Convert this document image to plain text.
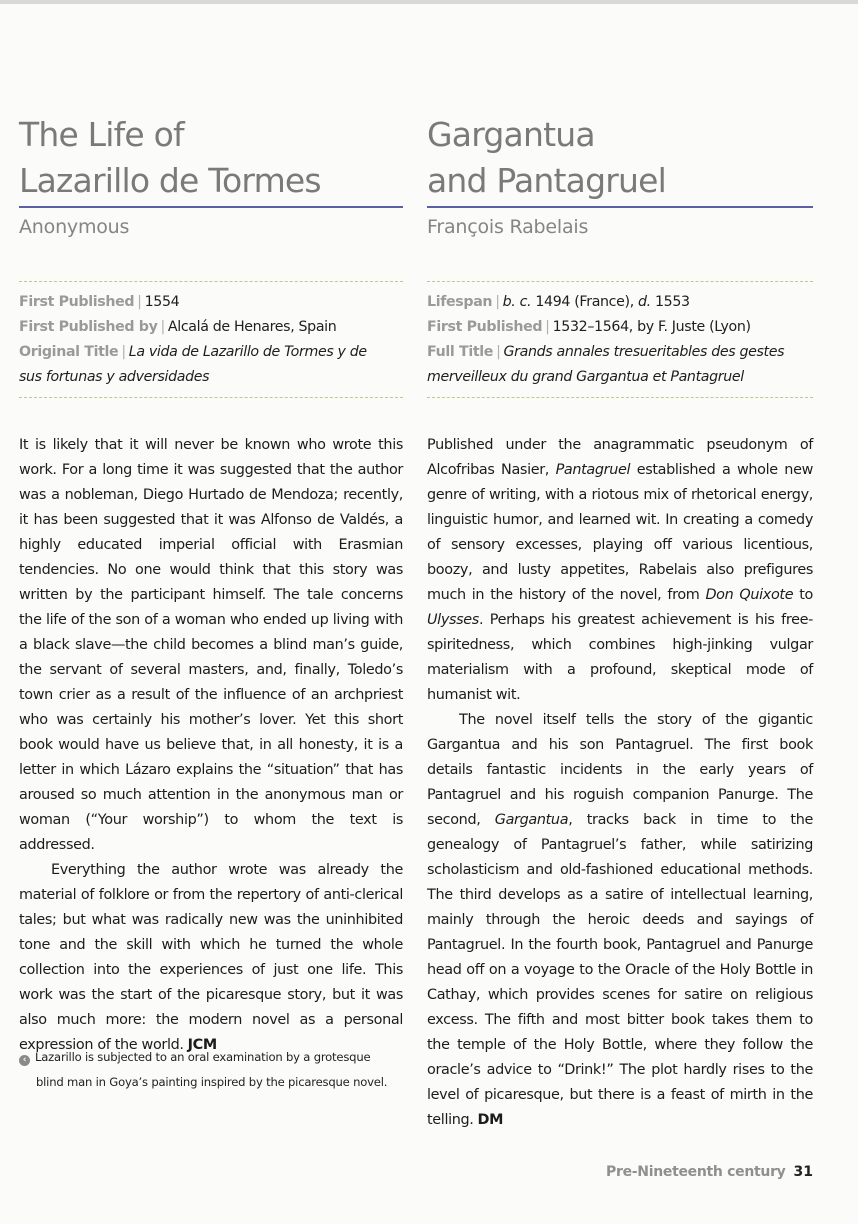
The Life of
Lazarillo de Tormes
Anonymous
First Published | 1554
First Published by | Alcalá de Henares, Spain
Original Title | La vida de Lazarillo de Tormes y de
sus fortunas y adversidades

It is likely that it will never be known who wrote this work. For a long time it was suggested that the author was a nobleman, Diego Hurtado de Mendoza; recently, it has been suggested that it was Alfonso de Valdés, a highly educated imperial official with Erasmian tendencies. No one would think that this story was written by the participant himself. The tale concerns the life of the son of a woman who ended up living with a black slave—the child becomes a blind man’s guide, the servant of several masters, and, finally, Toledo’s town crier as a result of the influence of an archpriest who was certainly his mother’s lover. Yet this short book would have us believe that, in all honesty, it is a letter in which Lázaro explains the “situation” that has aroused so much attention in the anonymous man or woman (“Your worship”) to whom the text is addressed.

Everything the author wrote was already the material of folklore or from the repertory of anti-clerical tales; but what was radically new was the uninhibited tone and the skill with which he turned the whole collection into the experiences of just one life. This work was the start of the picaresque story, but it was also much more: the modern novel as a personal expression of the world. JCM

‹ Lazarillo is subjected to an oral examination by a grotesque
blind man in Goya’s painting inspired by the picaresque novel.
Gargantua
and Pantagruel
François Rabelais
Lifespan | b. c. 1494 (France), d. 1553
First Published | 1532–1564, by F. Juste (Lyon)
Full Title | Grands annales tresueritables des gestes
merveilleux du grand Gargantua et Pantagruel

Published under the anagrammatic pseudonym of Alcofribas Nasier, Pantagruel established a whole new genre of writing, with a riotous mix of rhetorical energy, linguistic humor, and learned wit. In creating a comedy of sensory excesses, playing off various licentious, boozy, and lusty appetites, Rabelais also prefigures much in the history of the novel, from Don Quixote to Ulysses. Perhaps his greatest achievement is his free-spiritedness, which combines high-jinking vulgar materialism with a profound, skeptical mode of humanist wit.

The novel itself tells the story of the gigantic Gargantua and his son Pantagruel. The first book details fantastic incidents in the early years of Pantagruel and his roguish companion Panurge. The second, Gargantua, tracks back in time to the genealogy of Pantagruel’s father, while satirizing scholasticism and old-fashioned educational methods. The third develops as a satire of intellectual learning, mainly through the heroic deeds and sayings of Pantagruel. In the fourth book, Pantagruel and Panurge head off on a voyage to the Oracle of the Holy Bottle in Cathay, which provides scenes for satire on religious excess. The fifth and most bitter book takes them to the temple of the Holy Bottle, where they follow the oracle’s advice to “Drink!” The plot hardly rises to the level of picaresque, but there is a feast of mirth in the telling. DM

Pre-Nineteenth century 31
